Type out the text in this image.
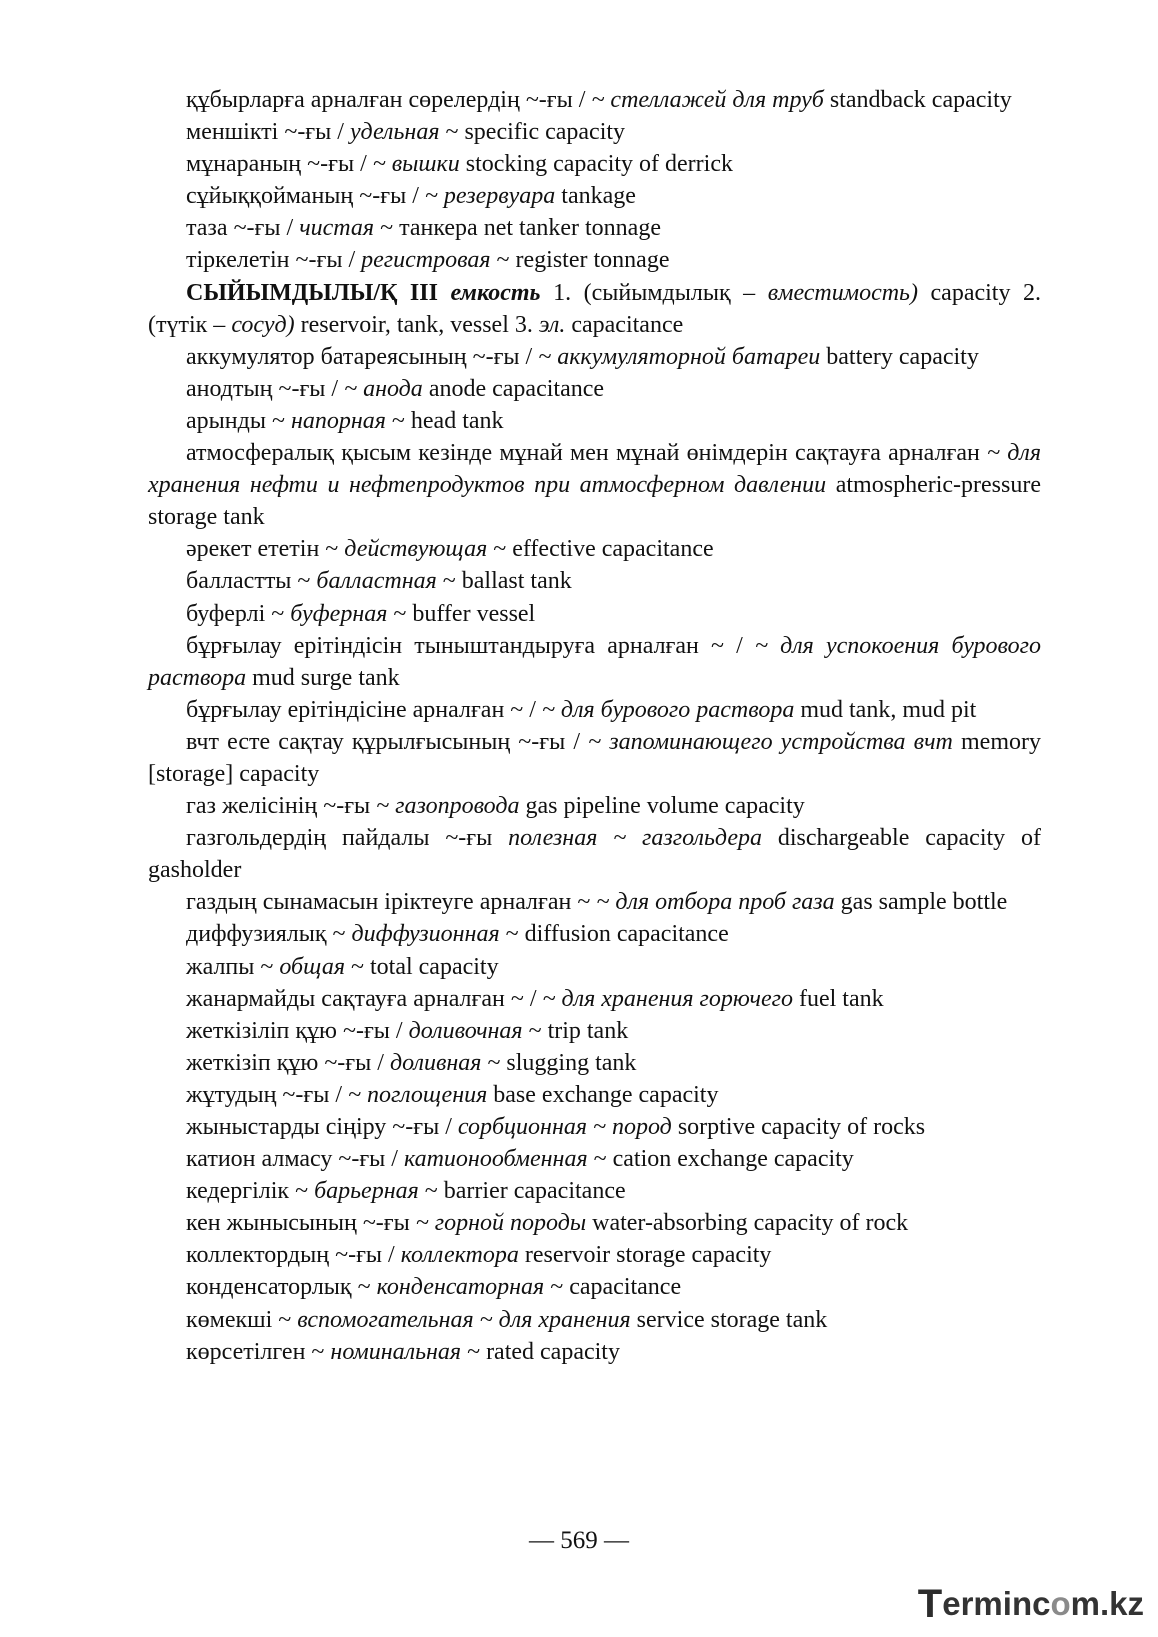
құбырларға арналған сөрелердің ~-ғы / ~ стеллажей для труб standback capacity

меншікті ~-ғы / удельная ~ specific capacity

мұнараның ~-ғы / ~ вышки stocking capacity of derrick

сұйыққойманың ~-ғы / ~ резервуара tankage

таза ~-ғы / чистая ~ танкера net tanker tonnage

тіркелетін ~-ғы / регистровая ~ register tonnage

СЫЙЫМДЫЛЫ/Қ ІІІ емкость 1. (сыйымдылық – вместимость) capacity 2. (түтік – сосуд) reservoir, tank, vessel 3. эл. capacitance

аккумулятор батареясының ~-ғы / ~ аккумуляторной батареи battery capacity

анодтың ~-ғы / ~ анода anode capacitance

арынды ~ напорная ~ head tank

атмосфералық қысым кезінде мұнай мен мұнай өнімдерін сақтауға арналған ~ для хранения нефти и нефтепродуктов при атмосферном давлении atmospheric-pressure storage tank

әрекет ететін ~ действующая ~ effective capacitance

балластты ~ балластная ~ ballast tank

буферлі ~ буферная ~ buffer vessel

бұрғылау ерітіндісін тыныштандыруға арналған ~ / ~ для успокоения бурового раствора mud surge tank

бұрғылау ерітіндісіне арналған ~ / ~ для бурового раствора mud tank, mud pit

вчт есте сақтау құрылғысының ~-ғы / ~ запоминающего устройства вчт memory [storage] capacity

газ желісінің ~-ғы ~ газопровода gas pipeline volume capacity

газгольдердің пайдалы ~-ғы полезная ~ газгольдера dischargeable capacity of gasholder

газдың сынамасын іріктеуге арналған ~ ~ для отбора проб газа gas sample bottle

диффузиялық ~ диффузионная ~ diffusion capacitance

жалпы ~ общая ~ total capacity

жанармайды сақтауға арналған ~ / ~ для хранения горючего fuel tank

жеткізіліп құю ~-ғы / доливочная ~ trip tank

жеткізіп құю ~-ғы / доливная ~ slugging tank

жұтудың ~-ғы / ~ поглощения base exchange capacity

жыныстарды сіңіру ~-ғы / сорбционная ~ пород sorptive capacity of rocks

катион алмасу ~-ғы / катионообменная ~ cation exchange capacity

кедергілік ~ барьерная ~ barrier capacitance

кен жынысының ~-ғы ~ горной породы water-absorbing capacity of rock

коллектордың ~-ғы / коллектора reservoir storage capacity

конденсаторлық ~ конденсаторная ~ capacitance

көмекші ~ вспомогательная ~ для хранения service storage tank

көрсетілген ~ номинальная ~ rated capacity

— 569 —
T erminc o m.kz
